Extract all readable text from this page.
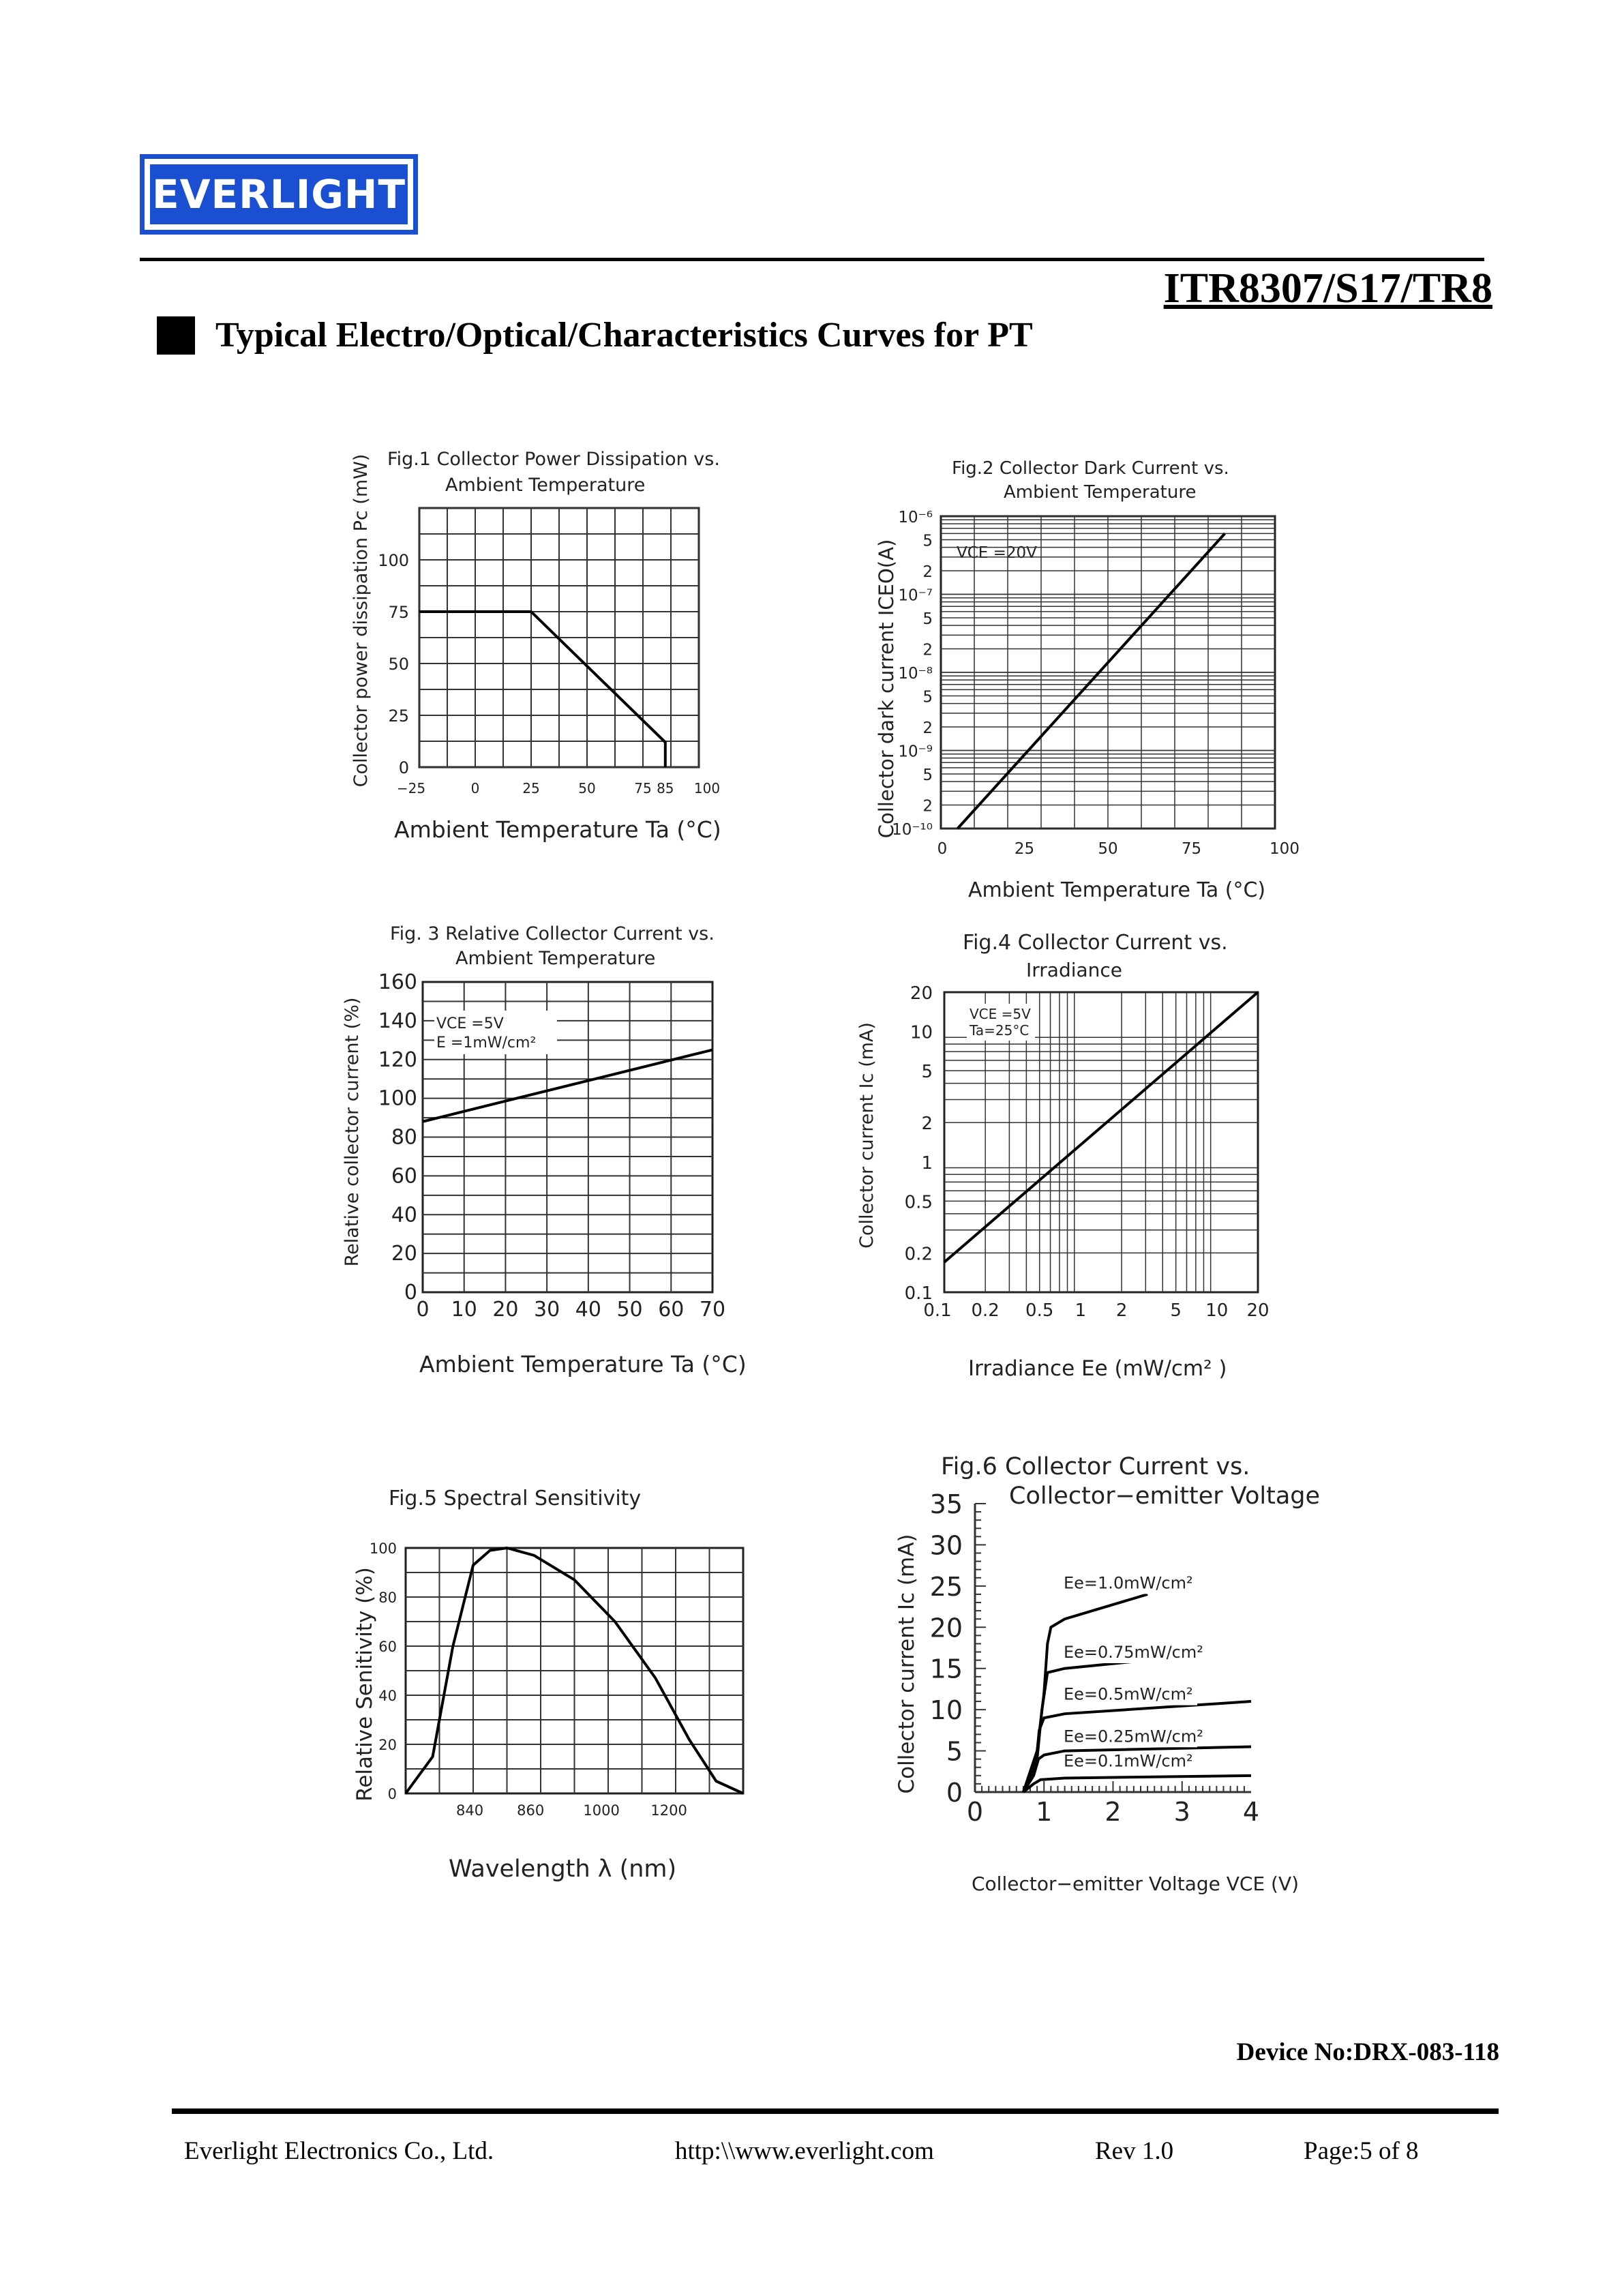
EVERLIGHT
ITR8307/S17/TR8
Typical Electro/Optical/Characteristics Curves for PT
Fig.1 Collector Power Dissipation vs.
Ambient Temperature
Collector power dissipation Pc (mW)
Ambient Temperature Ta (°C)
−25	0	25	50	75 85 100
0
25
50
75
100
Fig.2 Collector Dark Current vs.
Ambient Temperature
Collector dark current ICEO(A)
Ambient Temperature Ta (°C)
VCE =20V
0	25	50	75	100
10⁻⁶
5
2
10⁻⁷
5
2
10⁻⁸
5
2
10⁻⁹
5
2
10⁻¹⁰
Fig. 3 Relative Collector Current vs.
Ambient Temperature
Relative collector current (%)
Ambient Temperature Ta (°C)
0 10 20 30 40 50 60 70
0
20
40
60
80
100
120
140
160
VCE =5V
E =1mW/cm²
Fig.4 Collector Current vs.
Irradiance
Collector current Ic (mA)
Irradiance Ee (mW/cm² )
0.1 0.2 0.5 1 2 5 10 20
0.1
0.2
0.5
1
2
5
10
20
VCE =5V
Ta=25°C
Fig.5 Spectral Sensitivity
Relative Senitivity (%)
Wavelength λ (nm)
840 860	1000 1200
0
20
40
60
80
100
Fig.6 Collector Current vs.
Collector−emitter Voltage
Collector current Ic (mA)
Collector−emitter Voltage VCE (V)
0 1 2 3 4
0
5
10
15
20
25
30
35
Ee=1.0mW/cm²
Ee=0.75mW/cm²
Ee=0.5mW/cm²
Ee=0.25mW/cm²
Ee=0.1mW/cm²
Device No:DRX-083-118
Everlight Electronics Co., Ltd.	http:\\www.everlight.com	Rev 1.0	Page:5 of 8
